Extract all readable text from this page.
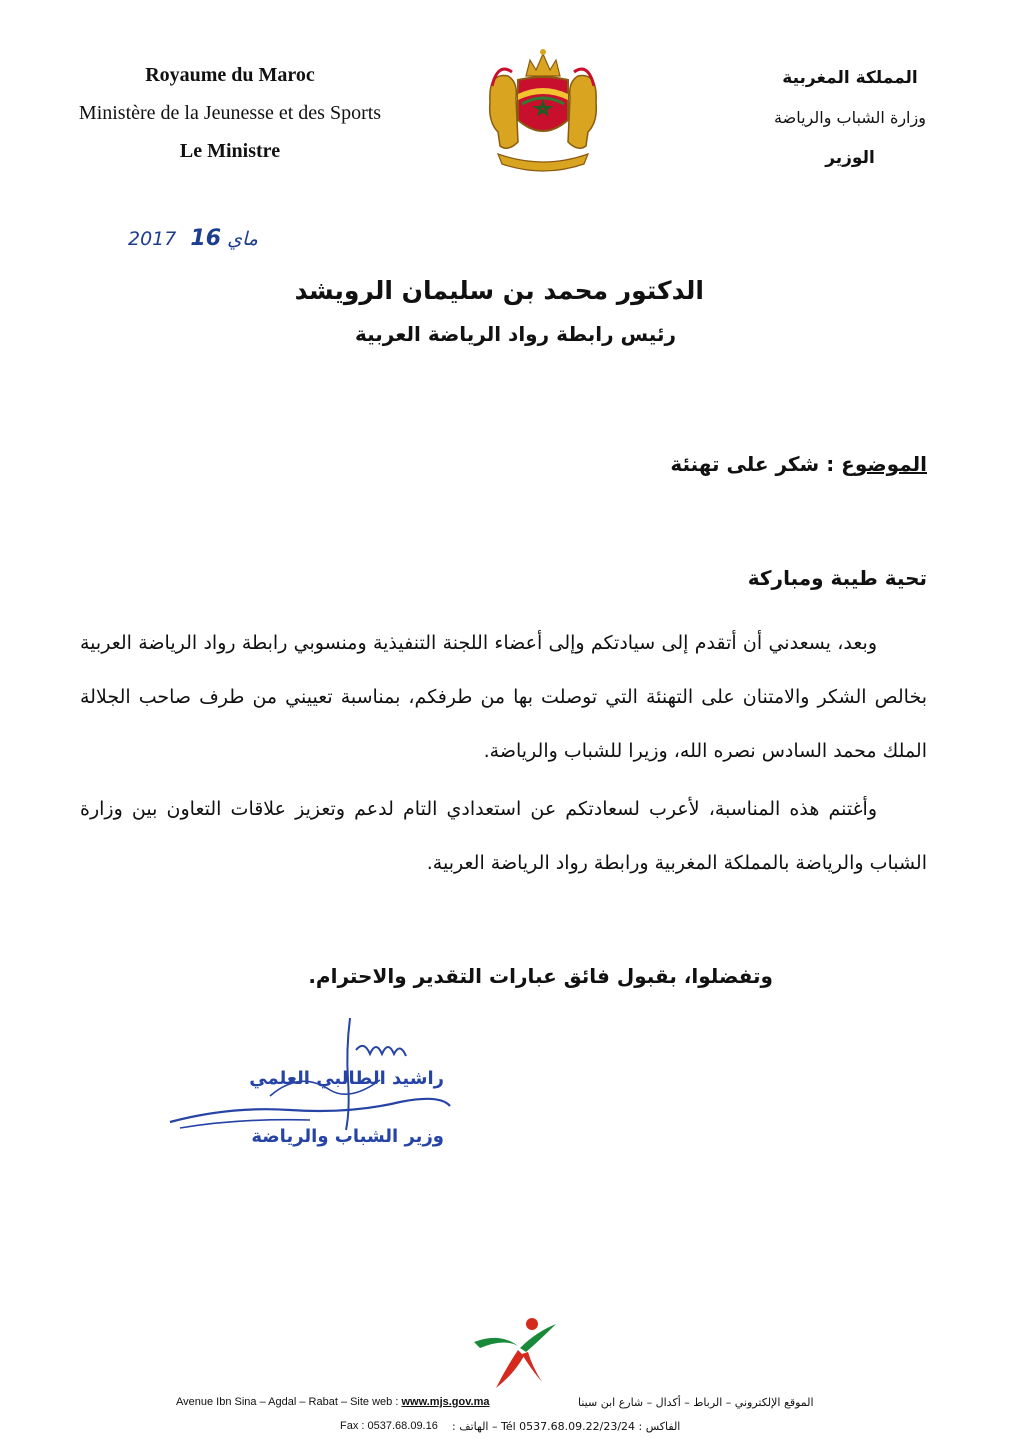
Royaume du Maroc
Ministère de la Jeunesse et des Sports
Le Ministre
المملكة المغربية
وزارة الشباب والرياضة
الوزير
2017 ماي 16
الدكتور محمد بن سليمان الرويشد
رئيس رابطة رواد الرياضة العربية
الموضوع : شكر على تهنئة
تحية طيبة ومباركة

وبعد، يسعدني أن أتقدم إلى سيادتكم وإلى أعضاء اللجنة التنفيذية ومنسوبي رابطة رواد الرياضة العربية بخالص الشكر والامتنان على التهنئة التي توصلت بها من طرفكم، بمناسبة تعييني من طرف صاحب الجلالة الملك محمد السادس نصره الله، وزيرا للشباب والرياضة.

وأغتنم هذه المناسبة، لأعرب لسعادتكم عن استعدادي التام لدعم وتعزيز علاقات التعاون بين وزارة الشباب والرياضة بالمملكة المغربية ورابطة رواد الرياضة العربية.

وتفضلوا، بقبول فائق عبارات التقدير والاحترام.
راشيد الطالبي العلمي
وزير الشباب والرياضة
Avenue Ibn Sina – Agdal – Rabat – Site web : www.mjs.gov.ma	الموقع الإلكتروني – الرباط – أكدال – شارع ابن سينا
Fax : 0537.68.09.16 الفاكس : 0537.68.09.22/23/24 Tél – الهاتف :
